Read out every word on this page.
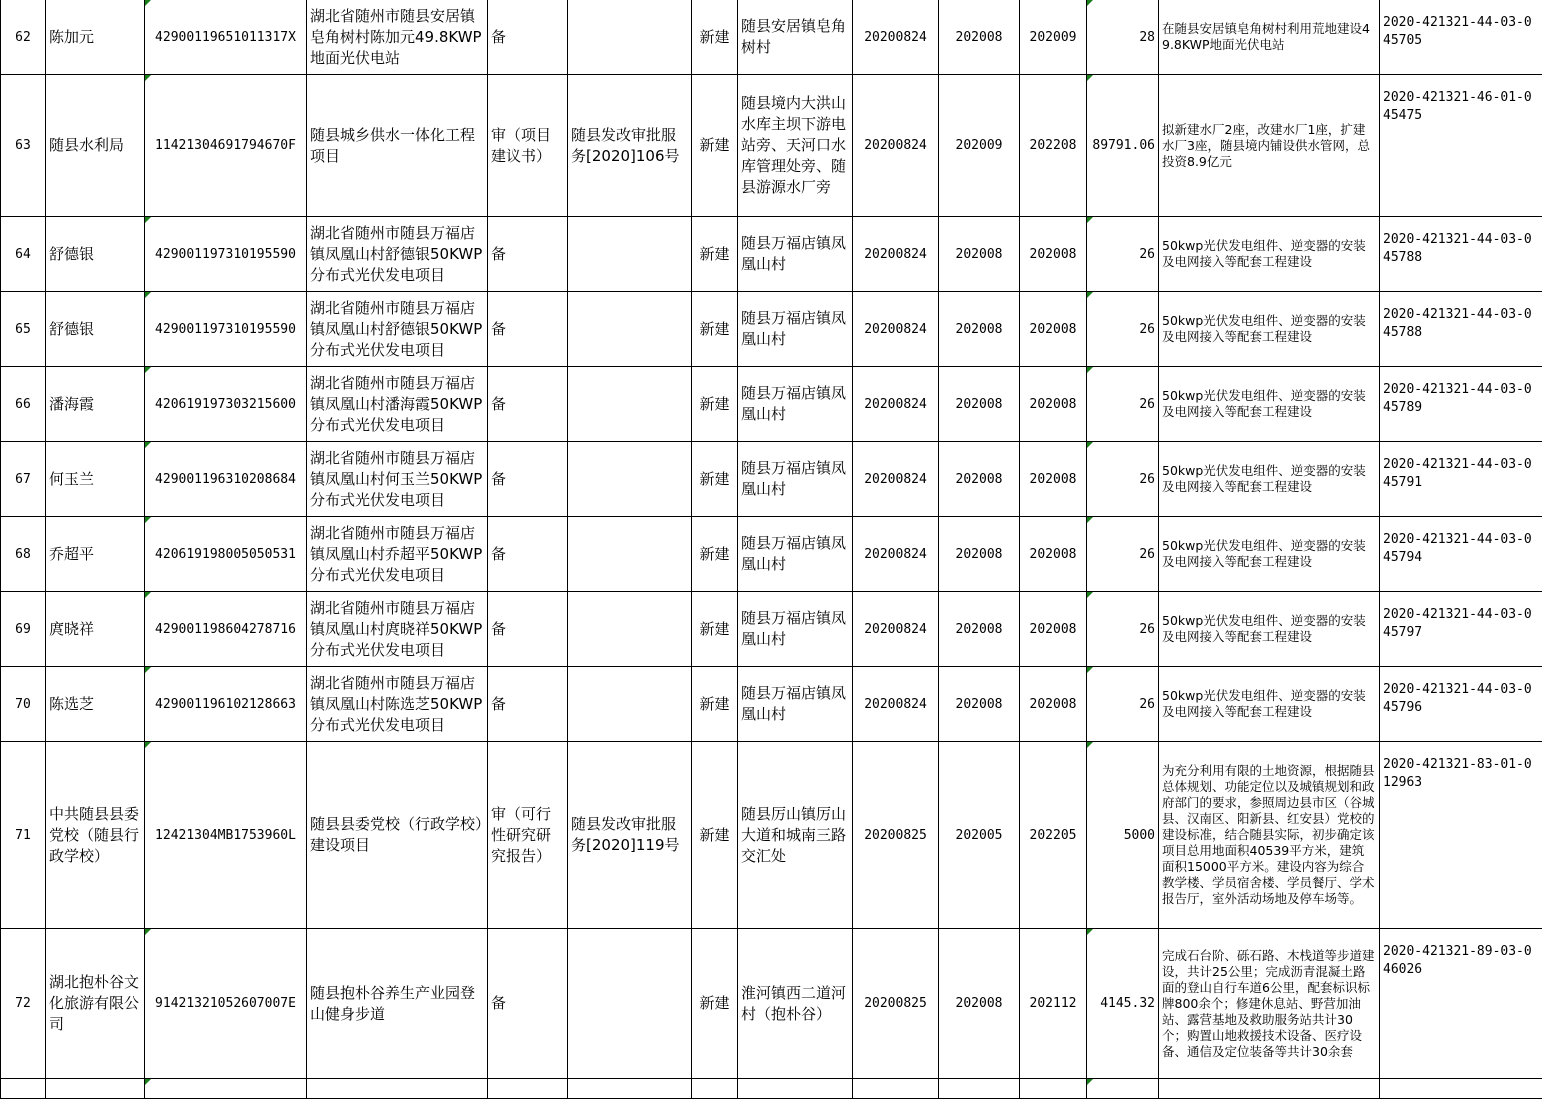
62	陈加元	42900119651011317X	湖北省随州市随县安居镇皂角树村陈加元49.8KWP地面光伏电站	备		新建	随县安居镇皂角树村	20200824	202008	202009	28	在随县安居镇皂角树村利用荒地建设49.8KWP地面光伏电站	2020-421321-44-03-045705
63	随县水利局	11421304691794670F	随县城乡供水一体化工程项目	审（项目建议书）	随县发改审批服务[2020]106号	新建	随县境内大洪山水库主坝下游电站旁、天河口水库管理处旁、随县游源水厂旁	20200824	202009	202208	89791.06	拟新建水厂2座，改建水厂1座，扩建水厂3座，随县境内铺设供水管网，总投资8.9亿元	2020-421321-46-01-045475
64	舒德银	429001197310195590	湖北省随州市随县万福店镇凤凰山村舒德银50KWP分布式光伏发电项目	备		新建	随县万福店镇凤凰山村	20200824	202008	202008	26	50kwp光伏发电组件、逆变器的安装及电网接入等配套工程建设	2020-421321-44-03-045788
65	舒德银	429001197310195590	湖北省随州市随县万福店镇凤凰山村舒德银50KWP分布式光伏发电项目	备		新建	随县万福店镇凤凰山村	20200824	202008	202008	26	50kwp光伏发电组件、逆变器的安装及电网接入等配套工程建设	2020-421321-44-03-045788
66	潘海霞	420619197303215600	湖北省随州市随县万福店镇凤凰山村潘海霞50KWP分布式光伏发电项目	备		新建	随县万福店镇凤凰山村	20200824	202008	202008	26	50kwp光伏发电组件、逆变器的安装及电网接入等配套工程建设	2020-421321-44-03-045789
67	何玉兰	429001196310208684	湖北省随州市随县万福店镇凤凰山村何玉兰50KWP分布式光伏发电项目	备		新建	随县万福店镇凤凰山村	20200824	202008	202008	26	50kwp光伏发电组件、逆变器的安装及电网接入等配套工程建设	2020-421321-44-03-045791
68	乔超平	420619198005050531	湖北省随州市随县万福店镇凤凰山村乔超平50KWP分布式光伏发电项目	备		新建	随县万福店镇凤凰山村	20200824	202008	202008	26	50kwp光伏发电组件、逆变器的安装及电网接入等配套工程建设	2020-421321-44-03-045794
69	庹晓祥	429001198604278716	湖北省随州市随县万福店镇凤凰山村庹晓祥50KWP分布式光伏发电项目	备		新建	随县万福店镇凤凰山村	20200824	202008	202008	26	50kwp光伏发电组件、逆变器的安装及电网接入等配套工程建设	2020-421321-44-03-045797
70	陈选芝	429001196102128663	湖北省随州市随县万福店镇凤凰山村陈选芝50KWP分布式光伏发电项目	备		新建	随县万福店镇凤凰山村	20200824	202008	202008	26	50kwp光伏发电组件、逆变器的安装及电网接入等配套工程建设	2020-421321-44-03-045796
71	中共随县县委党校（随县行政学校）	12421304MB1753960L	随县县委党校（行政学校）建设项目	审（可行性研究研究报告）	随县发改审批服务[2020]119号	新建	随县厉山镇厉山大道和城南三路交汇处	20200825	202005	202205	5000	为充分利用有限的土地资源，根据随县总体规划、功能定位以及城镇规划和政府部门的要求，参照周边县市区（谷城县、汉南区、阳新县、红安县）党校的建设标准，结合随县实际，初步确定该项目总用地面积40539平方米，建筑面积15000平方米。建设内容为综合教学楼、学员宿舍楼、学员餐厅、学术报告厅，室外活动场地及停车场等。	2020-421321-83-01-012963
72	湖北抱朴谷文化旅游有限公司	91421321052607007E	随县抱朴谷养生产业园登山健身步道	备		新建	淮河镇西二道河村（抱朴谷）	20200825	202008	202112	4145.32	完成石台阶、砾石路、木栈道等步道建设，共计25公里；完成沥青混凝土路面的登山自行车道6公里，配套标识标牌800余个；修建休息站、野营加油站、露营基地及救助服务站共计30个；购置山地救援技术设备、医疗设备、通信及定位装备等共计30余套	2020-421321-89-03-046026
